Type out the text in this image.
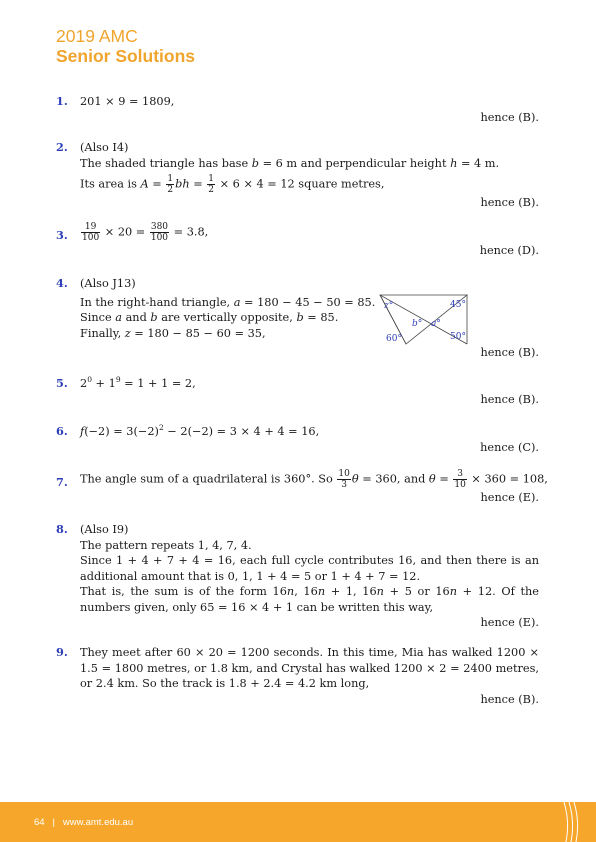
2019 AMC
Senior Solutions
1. 201 × 9 = 1809,
hence (B).
2. (Also I4)
The shaded triangle has base b = 6 m and perpendicular height h = 4 m.
Its area is $A = \frac{1}{2}$ bh = $\frac{1}{2} \times 6 \times 4 = 12$ square metres,
hence (B).
3. $\frac{19}{100} \times 20 = \frac{380}{100} = 3.8$,
hence (D).
4. (Also J13)
In the right-hand triangle, a = 180 − 45 − 50 = 85.
Since a and b are vertically opposite, b = 85.
Finally, z = 180 − 85 − 60 = 35,
hence (B).
z°
b° a°
45°
60°	50°
5. $2^0 + 1^9 = 1 + 1 = 2$,
hence (B).
6. $f(-2) = 3(-2)^2 - 2(-2) = 3 \times 4 + 4 = 16$,
hence (C).
7. The angle sum of a quadrilateral is 360°. So $\frac{10}{3}$ θ = 360, and $\theta = \frac{3}{10} \times 360 = 108$,
hence (E).
8. (Also I9)
The pattern repeats 1, 4, 7, 4.
Since 1 + 4 + 7 + 4 = 16, each full cycle contributes 16, and then there is an additional amount that is 0, 1, 1 + 4 = 5 or 1 + 4 + 7 = 12.
That is, the sum is of the form 16n, 16n + 1, 16n + 5 or 16n + 12. Of the numbers given, only 65 = 16 × 4 + 1 can be written this way,
hence (E).
9. They meet after 60 × 20 = 1200 seconds. In this time, Mia has walked 1200 × 1.5 = 1800 metres, or 1.8 km, and Crystal has walked 1200 × 2 = 2400 metres, or 2.4 km. So the track is 1.8 + 2.4 = 4.2 km long,
hence (B).
64 | www.amt.edu.au
